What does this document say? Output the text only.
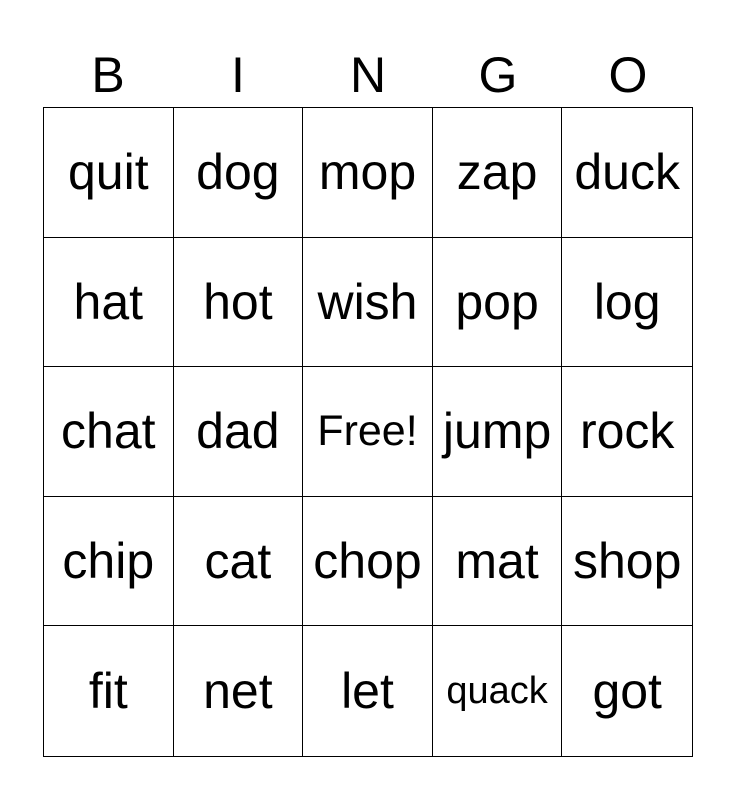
B	I	N	G	O
quit dog mop zap duck
hat	hot wish pop	log
chat dad Free! jump rock
chip	cat chop mat shop
fit	net	let	quack got
